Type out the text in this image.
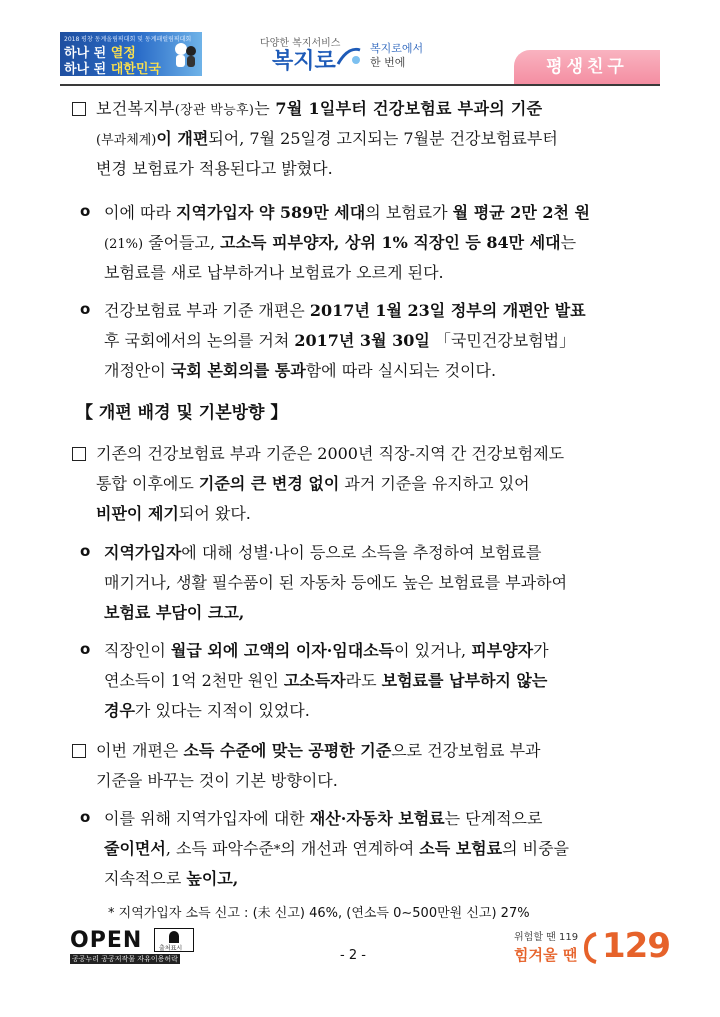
2018 평창 동계올림픽대회 및 동계패럴림픽대회
하나 된 열정
하나 된 대한민국
다양한 복지서비스
복지로
복지로에서
한 번에	평생친구
보건복지부(장관 박능후)는 7월 1일부터 건강보험료 부과의 기준
(부과체계)이 개편되어, 7월 25일경 고지되는 7월분 건강보험료부터
변경 보험료가 적용된다고 밝혔다.
o 이에 따라 지역가입자 약 589만 세대의 보험료가 월 평균 2만 2천 원
(21%) 줄어들고, 고소득 피부양자, 상위 1% 직장인 등 84만 세대는
보험료를 새로 납부하거나 보험료가 오르게 된다.
o 건강보험료 부과 기준 개편은 2017년 1월 23일 정부의 개편안 발표
후 국회에서의 논의를 거쳐 2017년 3월 30일 「국민건강보험법」
개정안이 국회 본회의를 통과함에 따라 실시되는 것이다.
【 개편 배경 및 기본방향 】
기존의 건강보험료 부과 기준은 2000년 직장-지역 간 건강보험제도
통합 이후에도 기준의 큰 변경 없이 과거 기준을 유지하고 있어
비판이 제기되어 왔다.
o 지역가입자에 대해 성별·나이 등으로 소득을 추정하여 보험료를
매기거나, 생활 필수품이 된 자동차 등에도 높은 보험료를 부과하여
보험료 부담이 크고,
o 직장인이 월급 외에 고액의 이자·임대소득이 있거나, 피부양자가
연소득이 1억 2천만 원인 고소득자라도 보험료를 납부하지 않는
경우가 있다는 지적이 있었다.
이번 개편은 소득 수준에 맞는 공평한 기준으로 건강보험료 부과
기준을 바꾸는 것이 기본 방향이다.
o 이를 위해 지역가입자에 대한 재산·자동차 보험료는 단계적으로
줄이면서, 소득 파악수준*의 개선과 연계하여 소득 보험료의 비중을
지속적으로 높이고,
* 지역가입자 소득 신고 : (未 신고) 46%, (연소득 0∼500만원 신고) 27%
OPEN	출처표시
공공누리 공공저작물 자유이용허락	- 2 -
위험할 땐 119
힘겨울 땐 129
